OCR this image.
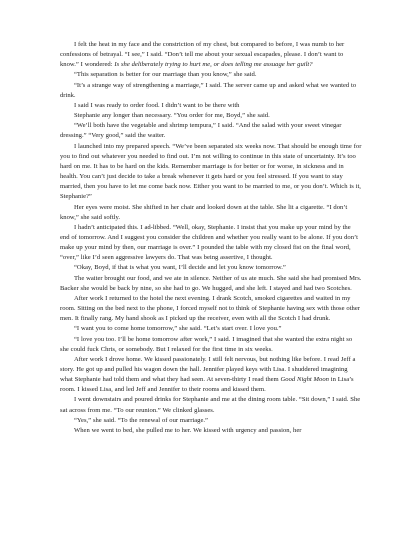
I felt the heat in my face and the constriction of my chest, but compared to before, I was numb to her confessions of betrayal. “I see,” I said. “Don’t tell me about your sexual escapades, please. I don’t want to know.” I wondered: Is she deliberately trying to hurt me, or does telling me assuage her guilt?

“This separation is better for our marriage than you know,” she said.

“It’s a strange way of strengthening a marriage,” I said. The server came up and asked what we wanted to drink.

I said I was ready to order food. I didn’t want to be there with

Stephanie any longer than necessary. “You order for me, Boyd,” she said.

“We’ll both have the vegetable and shrimp tempura,” I said. “And the salad with your sweet vinegar dressing.” “Very good,” said the waiter.

I launched into my prepared speech. “We’ve been separated six weeks now. That should be enough time for you to find out whatever you needed to find out. I’m not willing to continue in this state of uncertainty. It’s too hard on me. It has to be hard on the kids. Remember marriage is for better or for worse, in sickness and in health. You can’t just decide to take a break whenever it gets hard or you feel stressed. If you want to stay married, then you have to let me come back now. Either you want to be married to me, or you don’t. Which is it, Stephanie?”

Her eyes were moist. She shifted in her chair and looked down at the table. She lit a cigarette. “I don’t know,” she said softly.

I hadn’t anticipated this. I ad-libbed. “Well, okay, Stephanie. I insist that you make up your mind by the end of tomorrow. And I suggest you consider the children and whether you really want to be alone. If you don’t make up your mind by then, our marriage is over.” I pounded the table with my closed fist on the final word, “over,” like I’d seen aggressive lawyers do. That was being assertive, I thought.

“Okay, Boyd, if that is what you want, I’ll decide and let you know tomorrow.”

The waiter brought our food, and we ate in silence. Neither of us ate much. She said she had promised Mrs. Backer she would be back by nine, so she had to go. We hugged, and she left. I stayed and had two Scotches.

After work I returned to the hotel the next evening. I drank Scotch, smoked cigarettes and waited in my room. Sitting on the bed next to the phone, I forced myself not to think of Stephanie having sex with those other men. It finally rang. My hand shook as I picked up the receiver, even with all the Scotch I had drunk.

“I want you to come home tomorrow,” she said. “Let’s start over. I love you.”

“I love you too. I’ll be home tomorrow after work,” I said. I imagined that she wanted the extra night so she could fuck Chris, or somebody. But I relaxed for the first time in six weeks.

After work I drove home. We kissed passionately. I still felt nervous, but nothing like before. I read Jeff a story. He got up and pulled his wagon down the hall. Jennifer played keys with Lisa. I shuddered imagining what Stephanie had told them and what they had seen. At seven-thirty I read them Good Night Moon in Lisa’s room. I kissed Lisa, and led Jeff and Jennifer to their rooms and kissed them.

I went downstairs and poured drinks for Stephanie and me at the dining room table. “Sit down,” I said. She sat across from me. “To our reunion.” We clinked glasses.

“Yes,” she said. “To the renewal of our marriage.”

When we went to bed, she pulled me to her. We kissed with urgency and passion, her
